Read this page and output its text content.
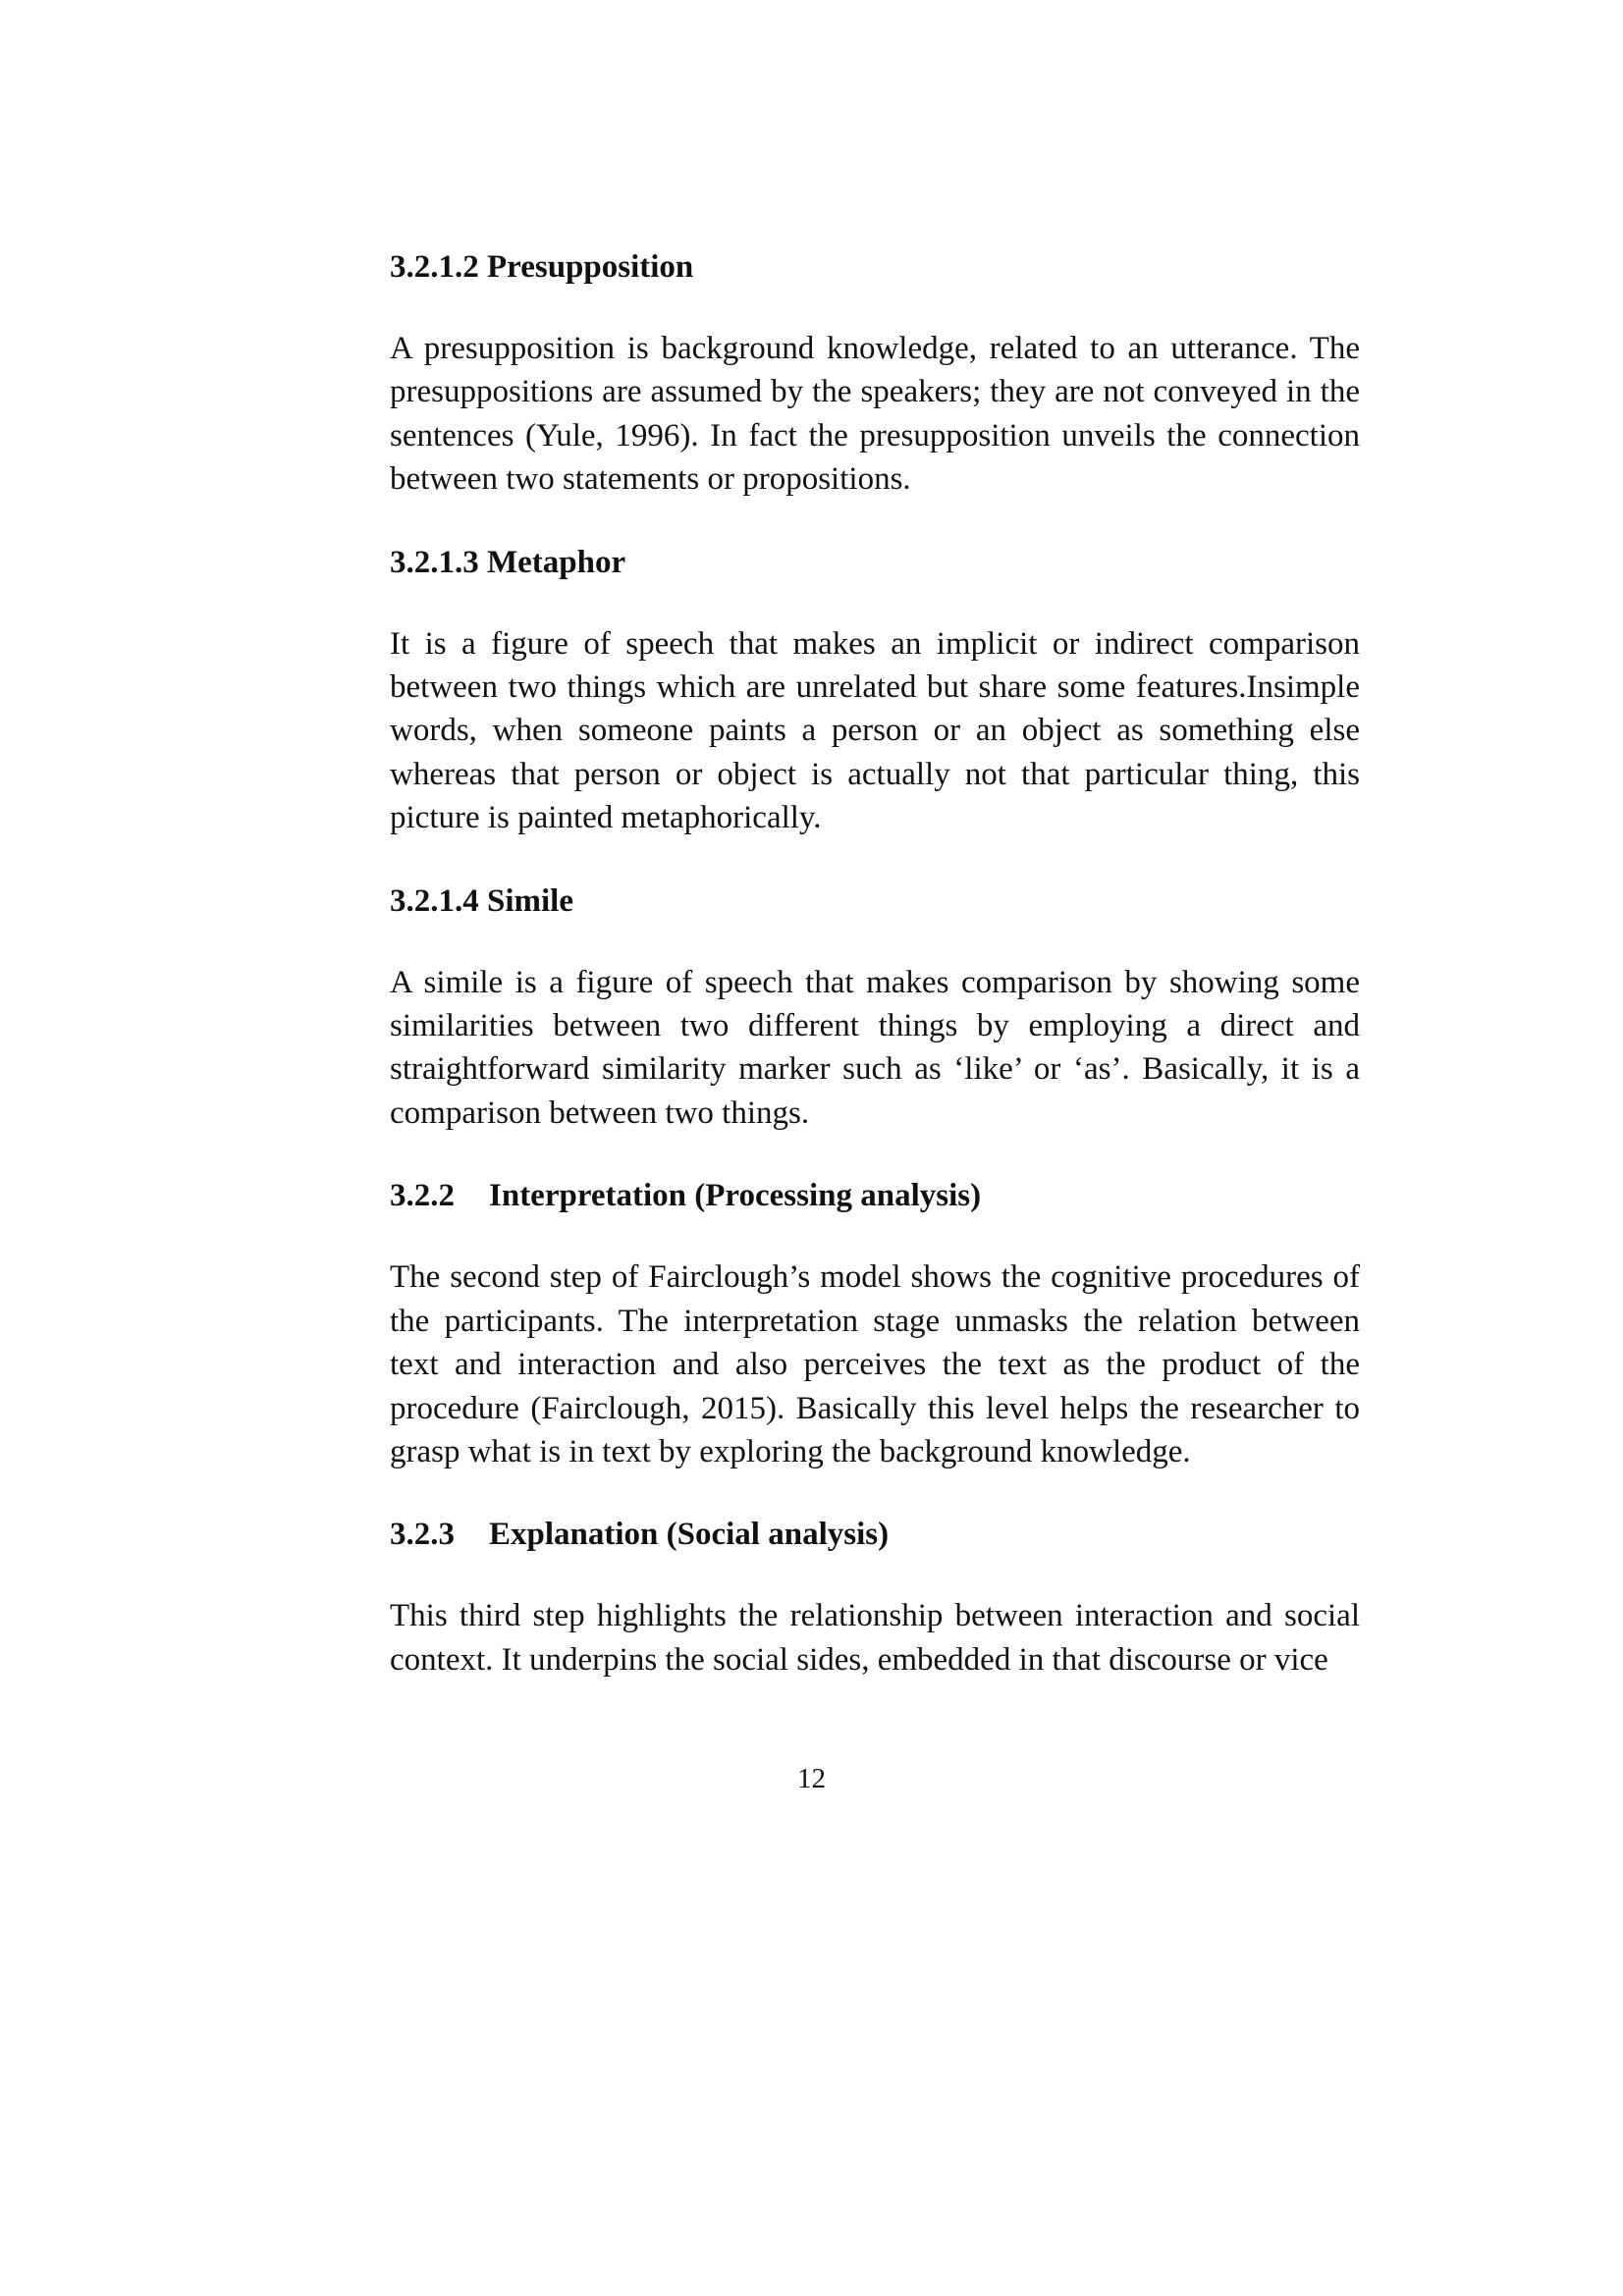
3.2.1.2 Presupposition

A presupposition is background knowledge, related to an utterance. The presuppositions are assumed by the speakers; they are not conveyed in the sentences (Yule, 1996). In fact the presupposition unveils the connection between two statements or propositions.

3.2.1.3 Metaphor

It is a figure of speech that makes an implicit or indirect comparison between two things which are unrelated but share some features.Insimple words, when someone paints a person or an object as something else whereas that person or object is actually not that particular thing, this picture is painted metaphorically.

3.2.1.4 Simile

A simile is a figure of speech that makes comparison by showing some similarities between two different things by employing a direct and straightforward similarity marker such as ‘like’ or ‘as’. Basically, it is a comparison between two things.

3.2.2 Interpretation (Processing analysis)

The second step of Fairclough’s model shows the cognitive procedures of the participants. The interpretation stage unmasks the relation between text and interaction and also perceives the text as the product of the procedure (Fairclough, 2015). Basically this level helps the researcher to grasp what is in text by exploring the background knowledge.

3.2.3 Explanation (Social analysis)

This third step highlights the relationship between interaction and social context. It underpins the social sides, embedded in that discourse or vice

12
